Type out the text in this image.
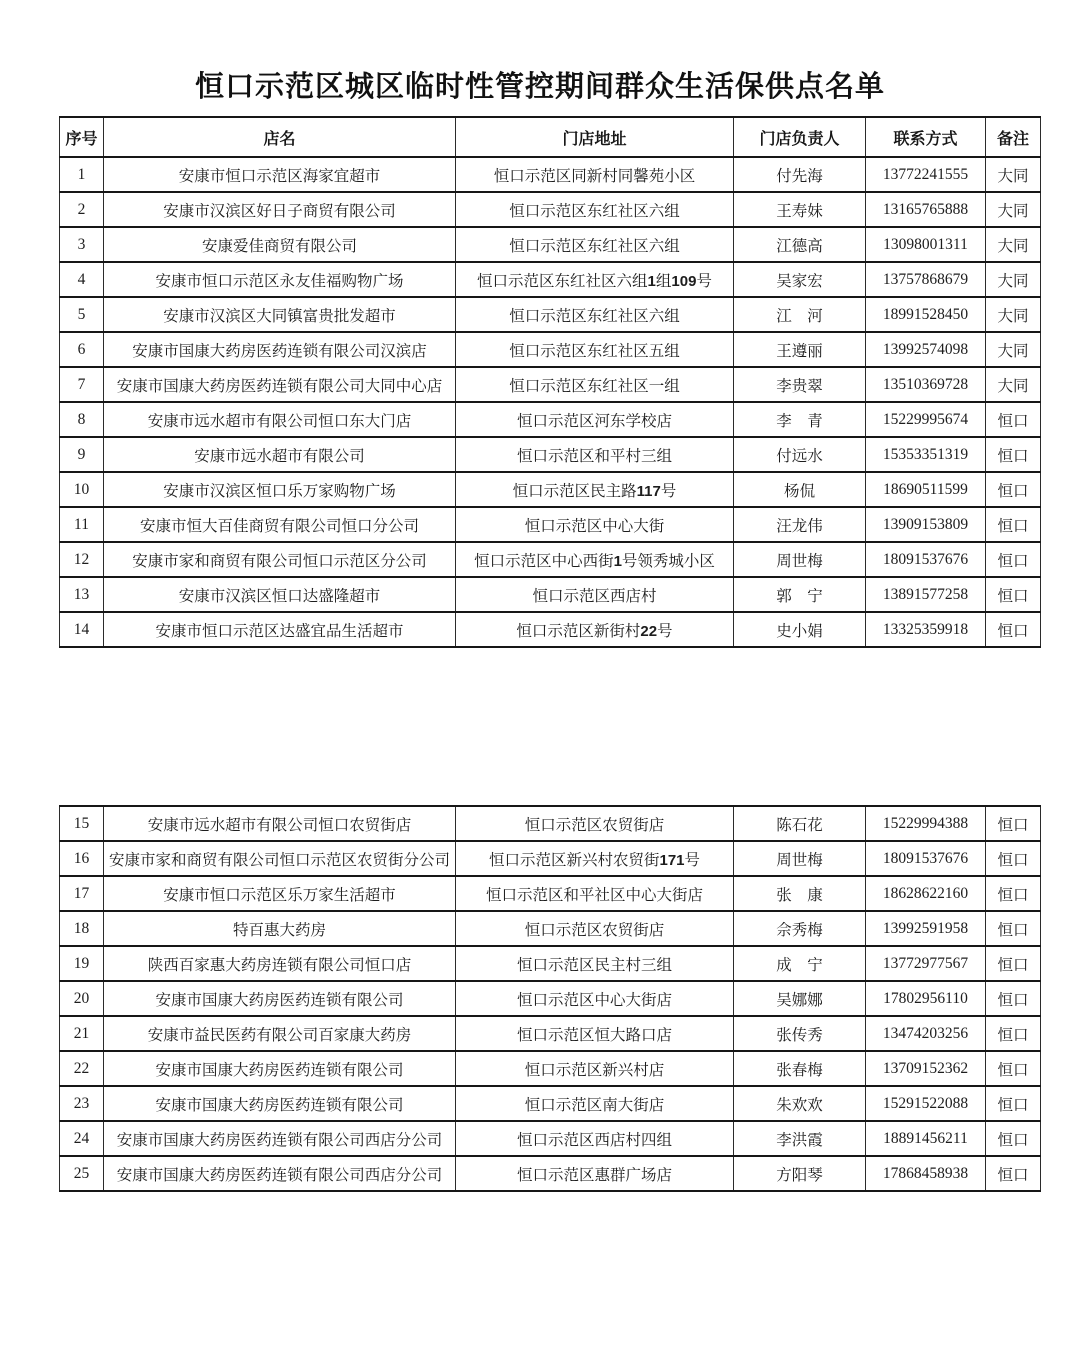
恒口示范区城区临时性管控期间群众生活保供点名单
序号	店名	门店地址	门店负责人	联系方式	备注
1	安康市恒口示范区海家宜超市	恒口示范区同新村同馨苑小区	付先海	13772241555	大同
2	安康市汉滨区好日子商贸有限公司	恒口示范区东红社区六组	王寿妹	13165765888	大同
3	安康爱佳商贸有限公司	恒口示范区东红社区六组	江德高	13098001311	大同
4	安康市恒口示范区永友佳福购物广场	恒口示范区东红社区六组1组109号	吴家宏	13757868679	大同
5	安康市汉滨区大同镇富贵批发超市	恒口示范区东红社区六组	江　河	18991528450	大同
6	安康市国康大药房医药连锁有限公司汉滨店	恒口示范区东红社区五组	王遵丽	13992574098	大同
7	安康市国康大药房医药连锁有限公司大同中心店	恒口示范区东红社区一组	李贵翠	13510369728	大同
8	安康市远水超市有限公司恒口东大门店	恒口示范区河东学校店	李　青	15229995674	恒口
9	安康市远水超市有限公司	恒口示范区和平村三组	付远水	15353351319	恒口
10	安康市汉滨区恒口乐万家购物广场	恒口示范区民主路117号	杨侃	18690511599	恒口
11	安康市恒大百佳商贸有限公司恒口分公司	恒口示范区中心大街	汪龙伟	13909153809	恒口
12	安康市家和商贸有限公司恒口示范区分公司	恒口示范区中心西街1号领秀城小区	周世梅	18091537676	恒口
13	安康市汉滨区恒口达盛隆超市	恒口示范区西店村	郭　宁	13891577258	恒口
14	安康市恒口示范区达盛宜品生活超市	恒口示范区新街村22号	史小娟	13325359918	恒口
15	安康市远水超市有限公司恒口农贸街店	恒口示范区农贸街店	陈石花	15229994388	恒口
16	安康市家和商贸有限公司恒口示范区农贸街分公司	恒口示范区新兴村农贸街171号	周世梅	18091537676	恒口
17	安康市恒口示范区乐万家生活超市	恒口示范区和平社区中心大街店	张　康	18628622160	恒口
18	特百惠大药房	恒口示范区农贸街店	佘秀梅	13992591958	恒口
19	陕西百家惠大药房连锁有限公司恒口店	恒口示范区民主村三组	成　宁	13772977567	恒口
20	安康市国康大药房医药连锁有限公司	恒口示范区中心大街店	吴娜娜	17802956110	恒口
21	安康市益民医药有限公司百家康大药房	恒口示范区恒大路口店	张传秀	13474203256	恒口
22	安康市国康大药房医药连锁有限公司	恒口示范区新兴村店	张春梅	13709152362	恒口
23	安康市国康大药房医药连锁有限公司	恒口示范区南大街店	朱欢欢	15291522088	恒口
24	安康市国康大药房医药连锁有限公司西店分公司	恒口示范区西店村四组	李洪霞	18891456211	恒口
25	安康市国康大药房医药连锁有限公司西店分公司	恒口示范区惠群广场店	方阳琴	17868458938	恒口
